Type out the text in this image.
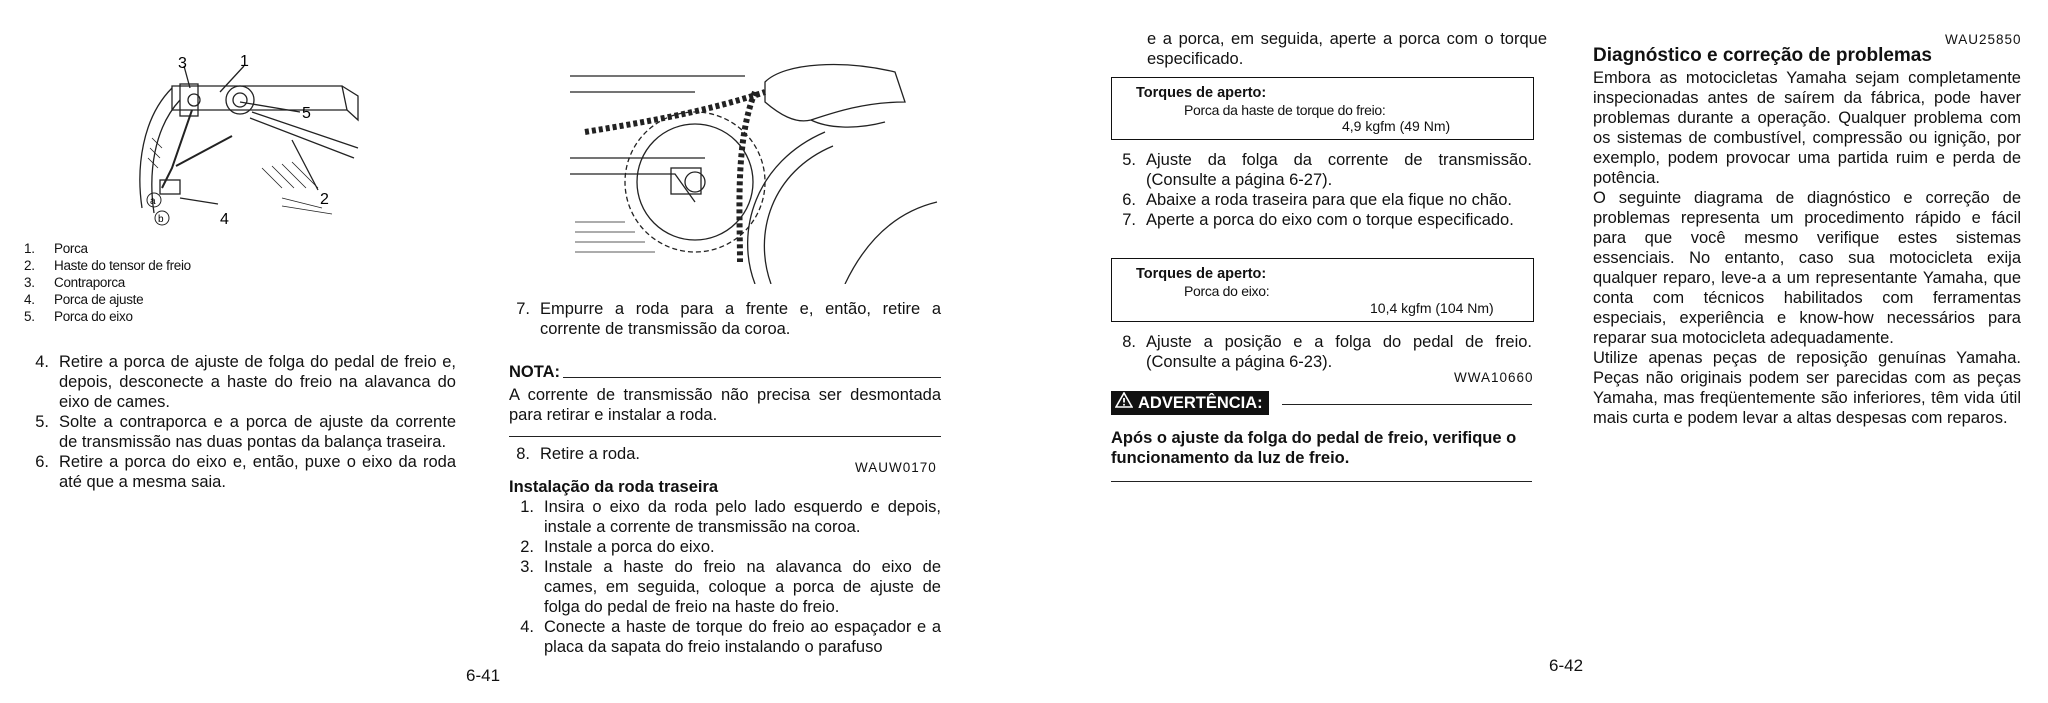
3	1
5
2
4
a
b
1.	Porca
2.	Haste do tensor de freio
3.	Contraporca
4.	Porca de ajuste
5.	Porca do eixo
4. Retire a porca de ajuste de folga do pedal de freio e, depois, desconecte a haste do freio na alavanca do eixo de cames.
5. Solte a contraporca e a porca de ajuste da corrente de transmissão nas duas pontas da balança traseira.
6. Retire a porca do eixo e, então, puxe o eixo da roda até que a mesma saia.
7. Empurre a roda para a frente e, então, retire a corrente de transmissão da coroa.
NOTA:
A corrente de transmissão não precisa ser desmontada para retirar e instalar a roda.
8. Retire a roda.
WAUW0170
Instalação da roda traseira
1. Insira o eixo da roda pelo lado esquerdo e depois, instale a corrente de transmissão na coroa.
2. Instale a porca do eixo.
3. Instale a haste do freio na alavanca do eixo de cames, em seguida, coloque a porca de ajuste de folga do pedal de freio na haste do freio.
4. Conecte a haste de torque do freio ao espaçador e a placa da sapata do freio instalando o parafuso
6-41
e a porca, em seguida, aperte a porca com o torque especificado.
Torques de aperto:
Porca da haste de torque do freio:
4,9 kgfm (49 Nm)
5. Ajuste da folga da corrente de transmissão. (Consulte a página 6-27).
6. Abaixe a roda traseira para que ela fique no chão.
7. Aperte a porca do eixo com o torque especificado.
Torques de aperto:
Porca do eixo:
10,4 kgfm (104 Nm)
8. Ajuste a posição e a folga do pedal de freio. (Consulte a página 6-23).
WWA10660
ADVERTÊNCIA:
Após o ajuste da folga do pedal de freio, verifique o funcionamento da luz de freio.
6-42
WAU25850
Diagnóstico e correção de problemas

Embora as motocicletas Yamaha sejam completamente inspecionadas antes de saírem da fábrica, pode haver problemas durante a operação. Qualquer problema com os sistemas de combustível, compressão ou ignição, por exemplo, podem provocar uma partida ruim e perda de potência.

O seguinte diagrama de diagnóstico e correção de problemas representa um procedimento rápido e fácil para que você mesmo verifique estes sistemas essenciais. No entanto, caso sua motocicleta exija qualquer reparo, leve-a a um representante Yamaha, que conta com técnicos habilitados com ferramentas especiais, experiência e know-how necessários para reparar sua motocicleta adequadamente.

Utilize apenas peças de reposição genuínas Yamaha. Peças não originais podem ser parecidas com as peças Yamaha, mas freqüentemente são inferiores, têm vida útil mais curta e podem levar a altas despesas com reparos.
